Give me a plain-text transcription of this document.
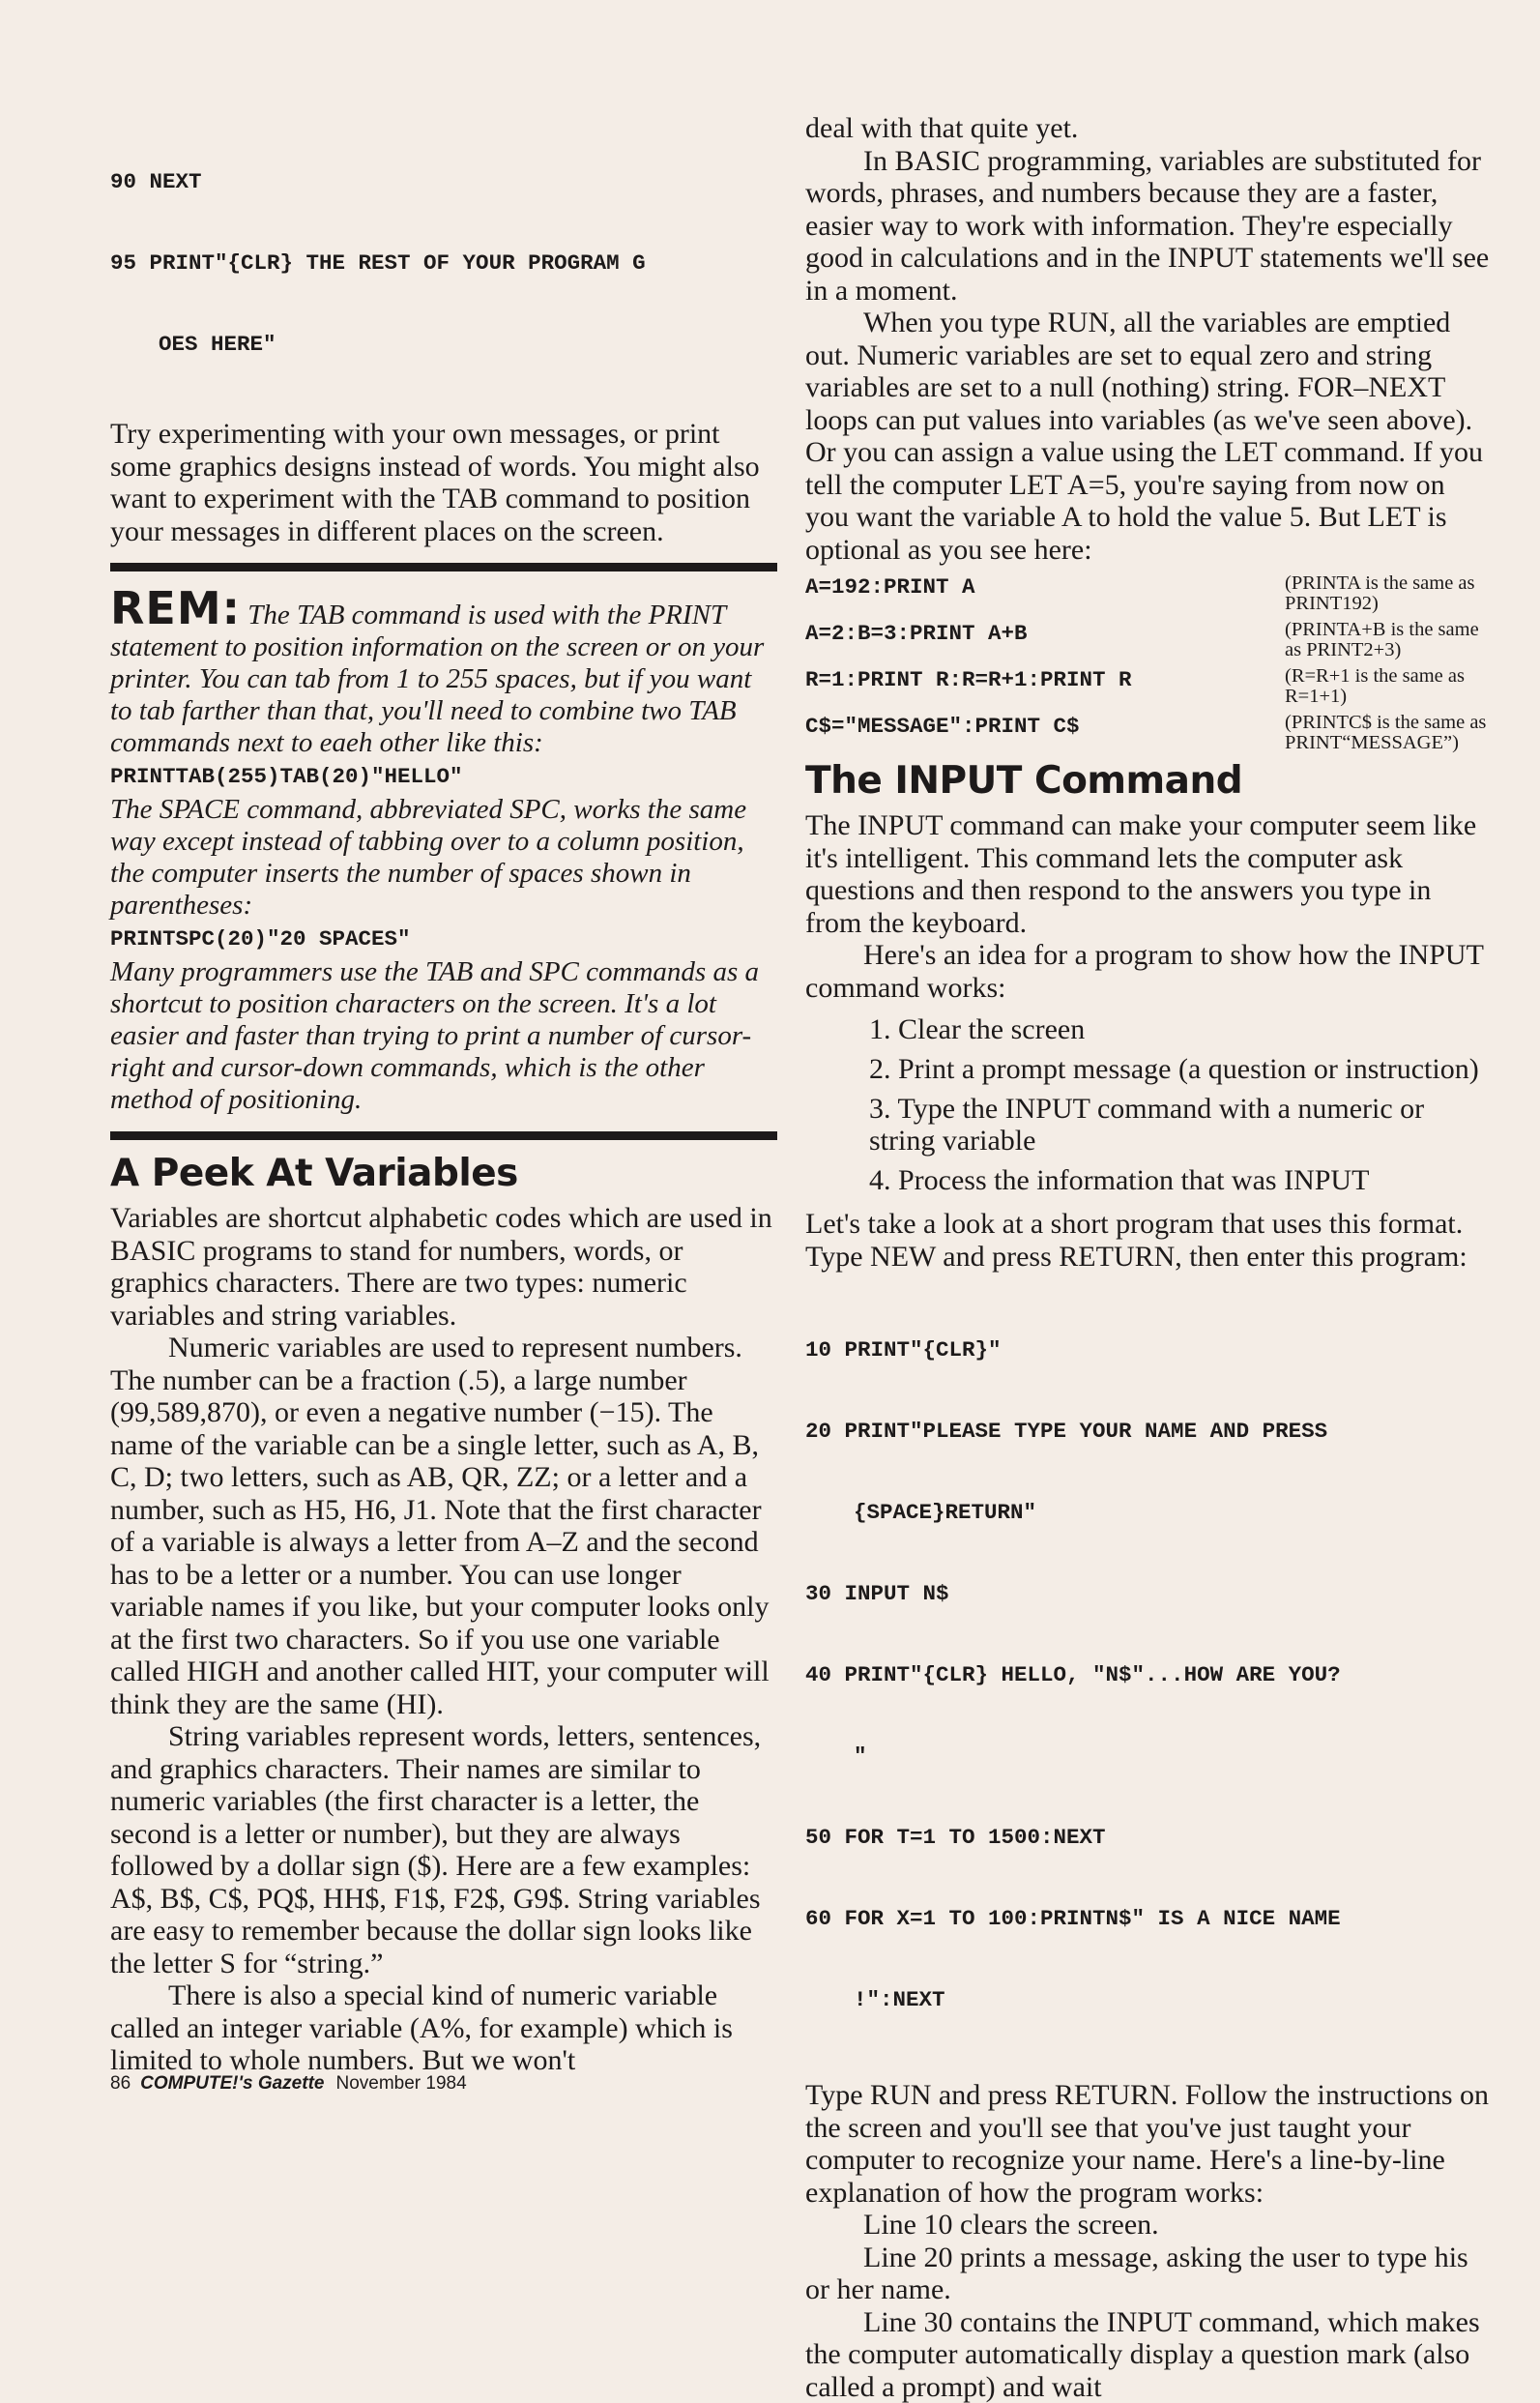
90 NEXT

95 PRINT"{CLR} THE REST OF YOUR PROGRAM G

OES HERE"

Try experimenting with your own messages, or print some graphics designs instead of words. You might also want to experiment with the TAB command to position your messages in different places on the screen.

REM: The TAB command is used with the PRINT statement to position information on the screen or on your printer. You can tab from 1 to 255 spaces, but if you want to tab farther than that, you'll need to combine two TAB commands next to eaeh other like this:
PRINTTAB(255)TAB(20)"HELLO"
The SPACE command, abbreviated SPC, works the same way except instead of tabbing over to a column position, the computer inserts the number of spaces shown in parentheses:
PRINTSPC(20)"20 SPACES"
Many programmers use the TAB and SPC commands as a shortcut to position characters on the screen. It's a lot easier and faster than trying to print a number of cursor-right and cursor-down commands, which is the other method of positioning.
A Peek At Variables

Variables are shortcut alphabetic codes which are used in BASIC programs to stand for numbers, words, or graphics characters. There are two types: numeric variables and string variables.

Numeric variables are used to represent numbers. The number can be a fraction (.5), a large number (99,589,870), or even a negative number (−15). The name of the variable can be a single letter, such as A, B, C, D; two letters, such as AB, QR, ZZ; or a letter and a number, such as H5, H6, J1. Note that the first character of a variable is always a letter from A–Z and the second has to be a letter or a number. You can use longer variable names if you like, but your computer looks only at the first two characters. So if you use one variable called HIGH and another called HIT, your computer will think they are the same (HI).

String variables represent words, letters, sentences, and graphics characters. Their names are similar to numeric variables (the first character is a letter, the second is a letter or number), but they are always followed by a dollar sign ($). Here are a few examples: A$, B$, C$, PQ$, HH$, F1$, F2$, G9$. String variables are easy to remember because the dollar sign looks like the letter S for “string.”

There is also a special kind of numeric variable called an integer variable (A%, for example) which is limited to whole numbers. But we won't

deal with that quite yet.

In BASIC programming, variables are substituted for words, phrases, and numbers because they are a faster, easier way to work with information. They're especially good in calculations and in the INPUT statements we'll see in a moment.

When you type RUN, all the variables are emptied out. Numeric variables are set to equal zero and string variables are set to a null (nothing) string. FOR–NEXT loops can put values into variables (as we've seen above). Or you can assign a value using the LET command. If you tell the computer LET A=5, you're saying from now on you want the variable A to hold the value 5. But LET is optional as you see here:

A=192:PRINT A	(PRINTA is the same as PRINT192)
A=2:B=3:PRINT A+B	(PRINTA+B is the same as PRINT2+3)
R=1:PRINT R:R=R+1:PRINT R	(R=R+1 is the same as R=1+1)
C$="MESSAGE":PRINT C$	(PRINTC$ is the same as PRINT“MESSAGE”)
The INPUT Command

The INPUT command can make your computer seem like it's intelligent. This command lets the computer ask questions and then respond to the answers you type in from the keyboard.

Here's an idea for a program to show how the INPUT command works:

1. Clear the screen
2. Print a prompt message (a question or instruction)
3. Type the INPUT command with a numeric or string variable
4. Process the information that was INPUT

Let's take a look at a short program that uses this format. Type NEW and press RETURN, then enter this program:

10 PRINT"{CLR}"

20 PRINT"PLEASE TYPE YOUR NAME AND PRESS

{SPACE}RETURN"

30 INPUT N$

40 PRINT"{CLR} HELLO, "N$"...HOW ARE YOU?

"

50 FOR T=1 TO 1500:NEXT

60 FOR X=1 TO 100:PRINTN$" IS A NICE NAME

!":NEXT

Type RUN and press RETURN. Follow the instructions on the screen and you'll see that you've just taught your computer to recognize your name. Here's a line-by-line explanation of how the program works:

Line 10 clears the screen.

Line 20 prints a message, asking the user to type his or her name.

Line 30 contains the INPUT command, which makes the computer automatically display a question mark (also called a prompt) and wait

86 COMPUTE!'s Gazette November 1984
